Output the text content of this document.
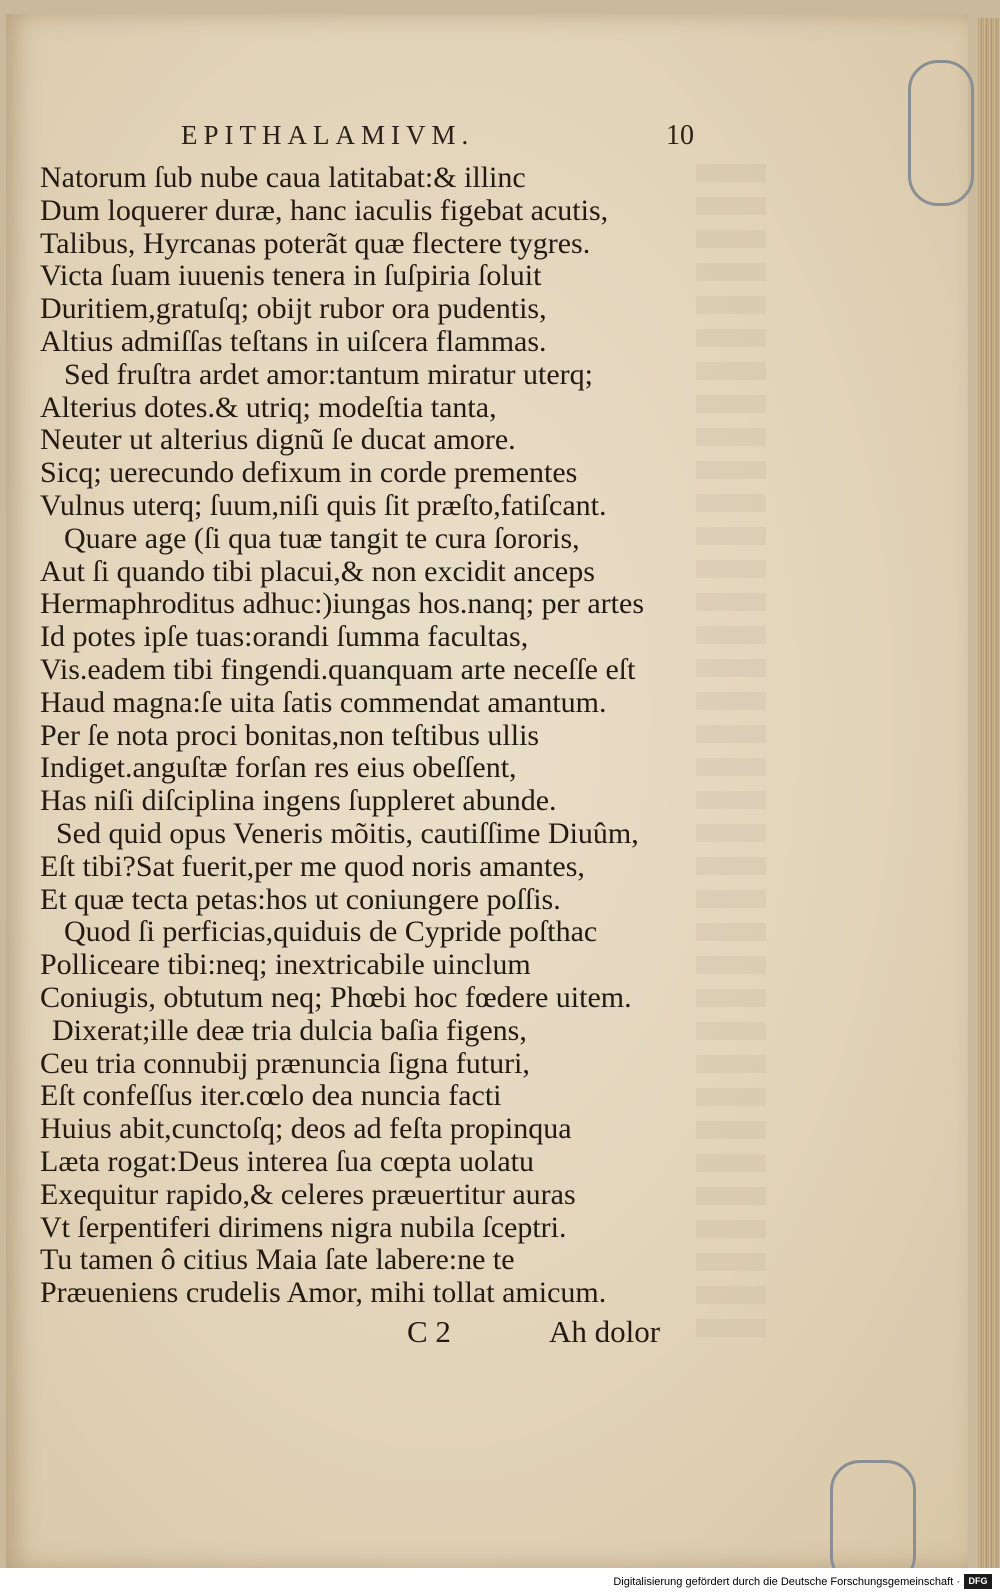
EPITHALAMIVM.	10
Natorum ſub nube caua latitabat:& illinc
Dum loquerer duræ, hanc iaculis figebat acutis,
Talibus, Hyrcanas poterãt quæ flectere tygres.
Victa ſuam iuuenis tenera in ſuſpiria ſoluit
Duritiem,gratuſq; obijt rubor ora pudentis,
Altius admiſſas teſtans in uiſcera flammas.
Sed fruſtra ardet amor:tantum miratur uterq;
Alterius dotes.& utriq; modeſtia tanta,
Neuter ut alterius dignũ ſe ducat amore.
Sicq; uerecundo defixum in corde prementes
Vulnus uterq; ſuum,niſi quis ſit præſto,fatiſcant.
Quare age (ſi qua tuæ tangit te cura ſororis,
Aut ſi quando tibi placui,& non excidit anceps
Hermaphroditus adhuc:)iungas hos.nanq; per artes
Id potes ipſe tuas:orandi ſumma facultas,
Vis.eadem tibi fingendi.quanquam arte neceſſe eſt
Haud magna:ſe uita ſatis commendat amantum.
Per ſe nota proci bonitas,non teſtibus ullis
Indiget.anguſtæ forſan res eius obeſſent,
Has niſi diſciplina ingens ſuppleret abunde.
Sed quid opus Veneris mõitis, cautiſſime Diuûm,
Eſt tibi?Sat fuerit,per me quod noris amantes,
Et quæ tecta petas:hos ut coniungere poſſis.
Quod ſi perficias,quiduis de Cypride poſthac
Polliceare tibi:neq; inextricabile uinclum
Coniugis, obtutum neq; Phœbi hoc fœdere uitem.
Dixerat;ille deæ tria dulcia baſia figens,
Ceu tria connubij prænuncia ſigna futuri,
Eſt confeſſus iter.cœlo dea nuncia facti
Huius abit,cunctoſq; deos ad feſta propinqua
Læta rogat:Deus interea ſua cœpta uolatu
Exequitur rapido,& celeres præuertitur auras
Vt ſerpentiferi dirimens nigra nubila ſceptri.
Tu tamen ô citius Maia ſate labere:ne te
Præueniens crudelis Amor, mihi tollat amicum.
C 2	Ah dolor
Digitalisierung gefördert durch die Deutsche Forschungsgemeinschaft · DFG
